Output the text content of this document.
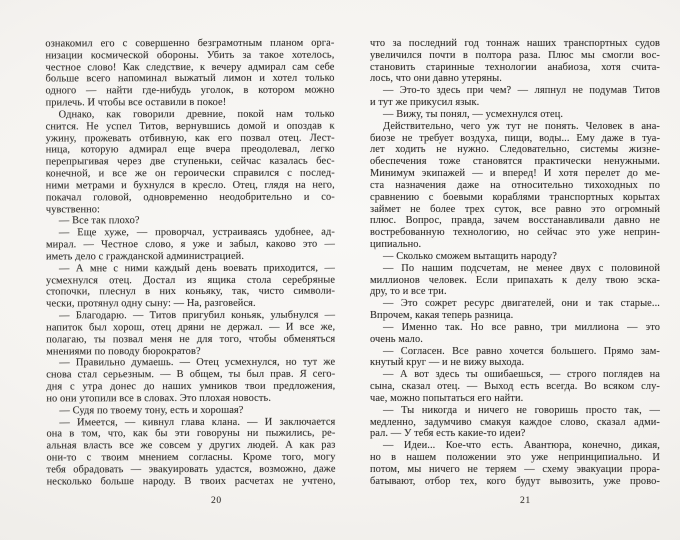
ознакомил его с совершенно безграмотным планом орга-
низации космической обороны. Убить за такое хотелось,
честное слово! Как следствие, к вечеру адмирал сам себе
больше всего напоминал выжатый лимон и хотел только
одного — найти где-нибудь уголок, в котором можно
прилечь. И чтобы все оставили в покое!
Однако, как говорили древние, покой нам только
снится. Не успел Титов, вернувшись домой и опоздав к
ужину, прожевать отбивную, как его позвал отец. Лест-
ница, которую адмирал еще вчера преодолевал, легко
перепрыгивая через две ступеньки, сейчас казалась бес-
конечной, и все же он героически справился с послед-
ними метрами и бухнулся в кресло. Отец, глядя на него,
покачал головой, одновременно неодобрительно и со-
чувственно:
— Все так плохо?
— Еще хуже, — проворчал, устраиваясь удобнее, ад-
мирал. — Честное слово, я уже и забыл, каково это —
иметь дело с гражданской администрацией.
— А мне с ними каждый день воевать приходится, —
усмехнулся отец. Достал из ящика стола серебряные
стопочки, плеснул в них коньяку, так, чисто символи-
чески, протянул одну сыну: — На, разговейся.
— Благодарю. — Титов пригубил коньяк, улыбнулся —
напиток был хорош, отец дряни не держал. — И все же,
полагаю, ты позвал меня не для того, чтобы обменяться
мнениями по поводу бюрократов?
— Правильно думаешь. — Отец усмехнулся, но тут же
снова стал серьезным. — В общем, ты был прав. Я сего-
дня с утра донес до наших умников твои предложения,
но они утопили все в словах. Это плохая новость.
— Судя по твоему тону, есть и хорошая?
— Имеется, — кивнул глава клана. — И заключается
она в том, что, как бы эти говоруны ни пыжились, ре-
альная власть все же совсем у других людей. А как раз
они-то с твоим мнением согласны. Кроме того, могу
тебя обрадовать — эвакуировать удастся, возможно, даже
несколько больше народу. В твоих расчетах не учтено,
что за последний год тоннаж наших транспортных судов
увеличился почти в полтора раза. Плюс мы смогли вос-
становить старинные технологии анабиоза, хотя счита-
лось, что они давно утеряны.
— Это-то здесь при чем? — ляпнул не подумав Титов
и тут же прикусил язык.
— Вижу, ты понял, — усмехнулся отец.
Действительно, чего уж тут не понять. Человек в ана-
биозе не требует воздуха, пищи, воды... Ему даже в туа-
лет ходить не нужно. Следовательно, системы жизне-
обеспечения тоже становятся практически ненужными.
Минимум экипажей — и вперед! И хотя перелет до ме-
ста назначения даже на относительно тихоходных по
сравнению с боевыми кораблями транспортных корытах
займет не более трех суток, все равно это огромный
плюс. Вопрос, правда, зачем восстанавливали давно не
востребованную технологию, но сейчас это уже неприн-
ципиально.
— Сколько сможем вытащить народу?
— По нашим подсчетам, не менее двух с половиной
миллионов человек. Если припахать к делу твою эска-
дру, то и все три.
— Это сожрет ресурс двигателей, они и так старые...
Впрочем, какая теперь разница.
— Именно так. Но все равно, три миллиона — это
очень мало.
— Согласен. Все равно хочется большего. Прямо зам-
кнутый круг — и не вижу выхода.
— А вот здесь ты ошибаешься, — строго поглядев на
сына, сказал отец. — Выход есть всегда. Во всяком слу-
чае, можно попытаться его найти.
— Ты никогда и ничего не говоришь просто так, —
медленно, задумчиво смакуя каждое слово, сказал адми-
рал. — У тебя есть какие-то идеи?
— Идеи... Кое-что есть. Авантюра, конечно, дикая,
но в нашем положении это уже непринципиально. И
потом, мы ничего не теряем — схему эвакуации прора-
батывают, отбор тех, кого будут вывозить, уже прово-
20	21
